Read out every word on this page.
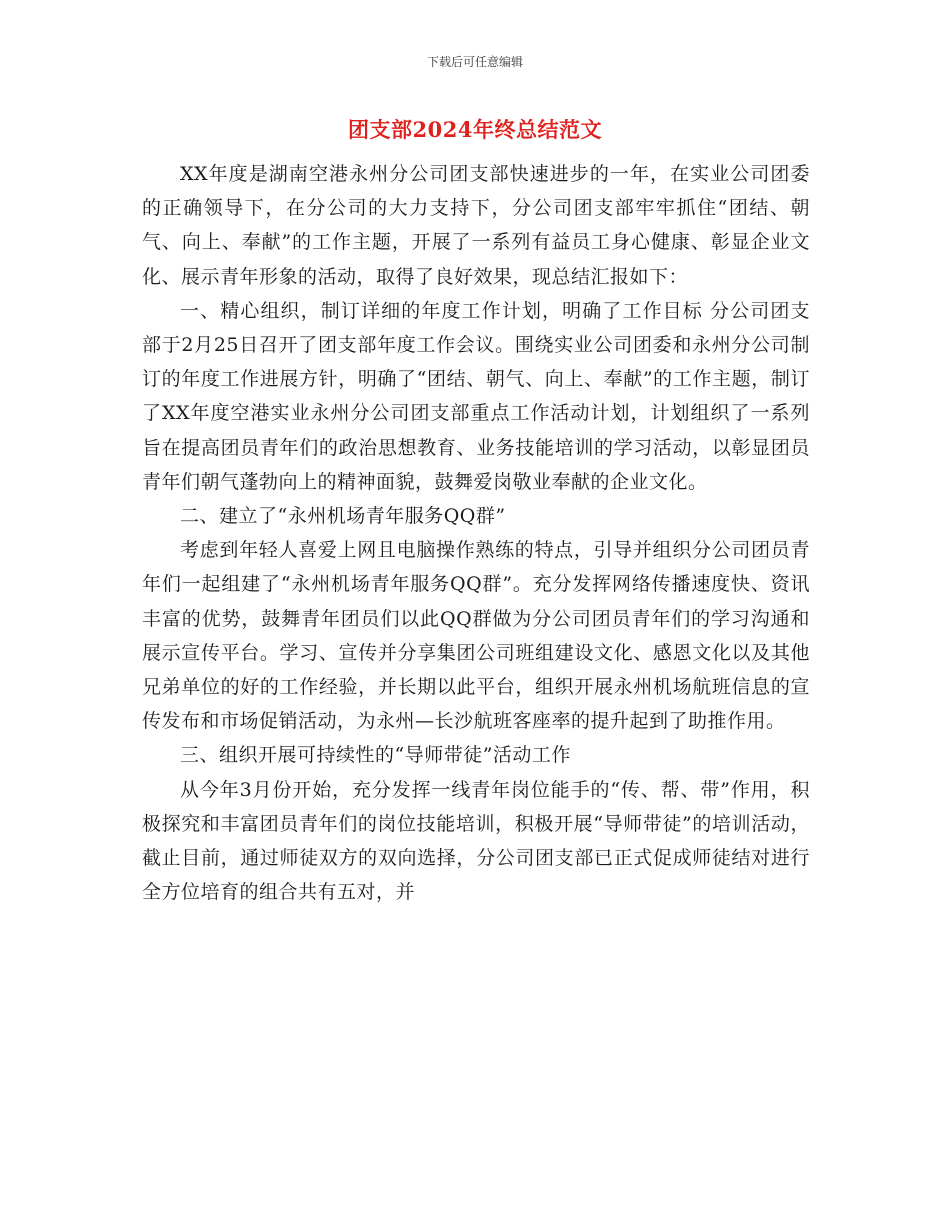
下载后可任意编辑
团支部2024年终总结范文

XX年度是湖南空港永州分公司团支部快速进步的一年，在实业公司团委的正确领导下，在分公司的大力支持下，分公司团支部牢牢抓住“团结、朝气、向上、奉献”的工作主题，开展了一系列有益员工身心健康、彰显企业文化、展示青年形象的活动，取得了良好效果，现总结汇报如下：

一、精心组织，制订详细的年度工作计划，明确了工作目标 分公司团支部于2月25日召开了团支部年度工作会议。围绕实业公司团委和永州分公司制订的年度工作进展方针，明确了“团结、朝气、向上、奉献”的工作主题，制订了XX年度空港实业永州分公司团支部重点工作活动计划，计划组织了一系列旨在提高团员青年们的政治思想教育、业务技能培训的学习活动，以彰显团员青年们朝气蓬勃向上的精神面貌，鼓舞爱岗敬业奉献的企业文化。

二、建立了“永州机场青年服务QQ群”

考虑到年轻人喜爱上网且电脑操作熟练的特点，引导并组织分公司团员青年们一起组建了“永州机场青年服务QQ群”。充分发挥网络传播速度快、资讯丰富的优势，鼓舞青年团员们以此QQ群做为分公司团员青年们的学习沟通和展示宣传平台。学习、宣传并分享集团公司班组建设文化、感恩文化以及其他兄弟单位的好的工作经验，并长期以此平台，组织开展永州机场航班信息的宣传发布和市场促销活动，为永州—长沙航班客座率的提升起到了助推作用。

三、组织开展可持续性的“导师带徒”活动工作

从今年3月份开始，充分发挥一线青年岗位能手的“传、帮、带”作用，积极探究和丰富团员青年们的岗位技能培训，积极开展“导师带徒”的培训活动，截止目前，通过师徒双方的双向选择，分公司团支部已正式促成师徒结对进行全方位培育的组合共有五对，并
